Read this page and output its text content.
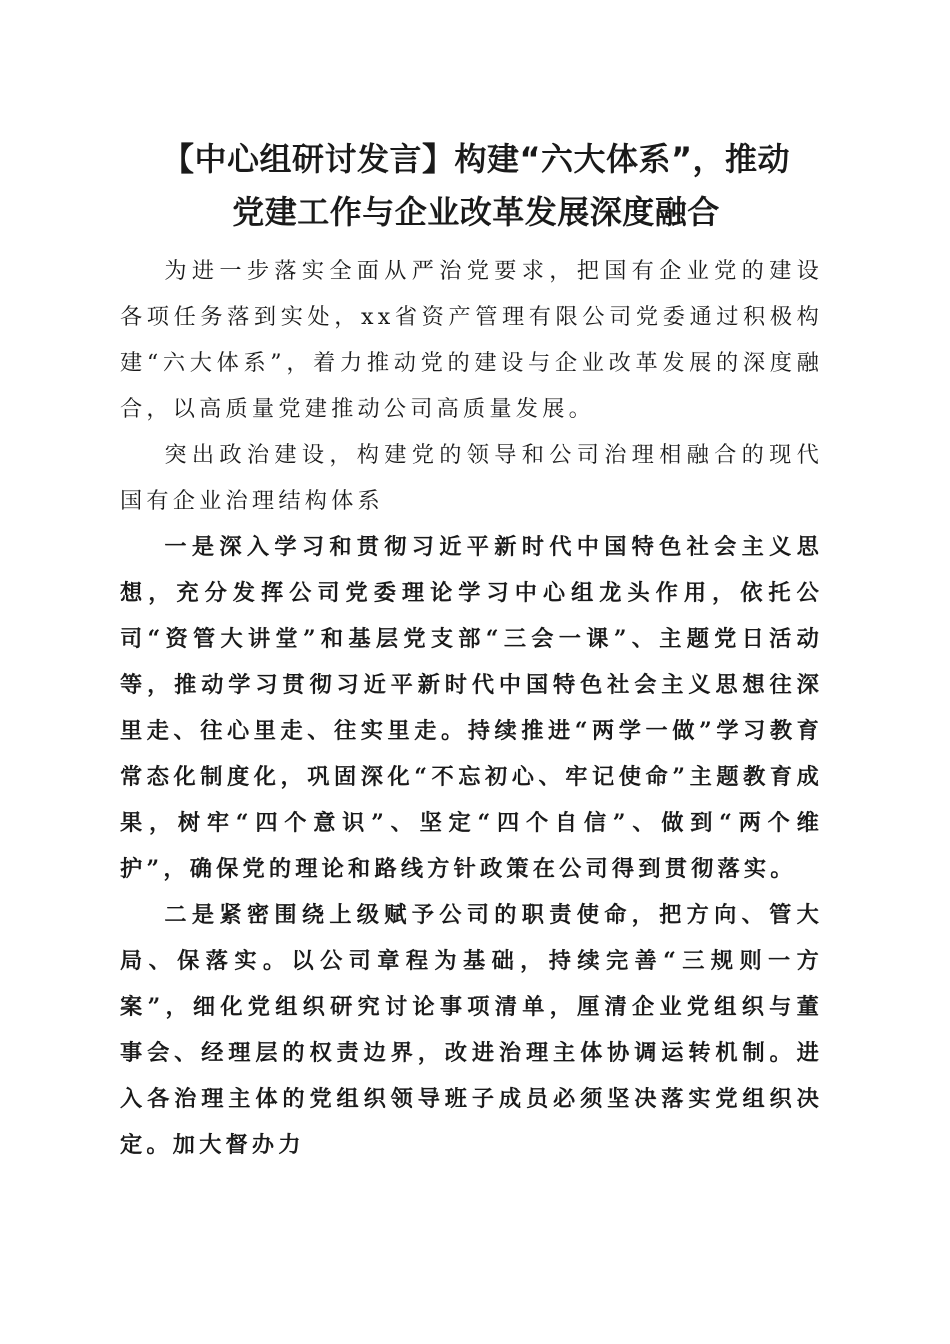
【中心组研讨发言】构建“六大体系”，推动
党建工作与企业改革发展深度融合

为进一步落实全面从严治党要求，把国有企业党的建设各项任务落到实处，xx省资产管理有限公司党委通过积极构建“六大体系”，着力推动党的建设与企业改革发展的深度融合，以高质量党建推动公司高质量发展。

突出政治建设，构建党的领导和公司治理相融合的现代国有企业治理结构体系

一是深入学习和贯彻习近平新时代中国特色社会主义思想，充分发挥公司党委理论学习中心组龙头作用，依托公司“资管大讲堂”和基层党支部“三会一课”、主题党日活动等，推动学习贯彻习近平新时代中国特色社会主义思想往深里走、往心里走、往实里走。持续推进“两学一做”学习教育常态化制度化，巩固深化“不忘初心、牢记使命”主题教育成果，树牢“四个意识”、坚定“四个自信”、做到“两个维护”，确保党的理论和路线方针政策在公司得到贯彻落实。

二是紧密围绕上级赋予公司的职责使命，把方向、管大局、保落实。以公司章程为基础，持续完善“三规则一方案”，细化党组织研究讨论事项清单，厘清企业党组织与董事会、经理层的权责边界，改进治理主体协调运转机制。进入各治理主体的党组织领导班子成员必须坚决落实党组织决定。加大督办力
